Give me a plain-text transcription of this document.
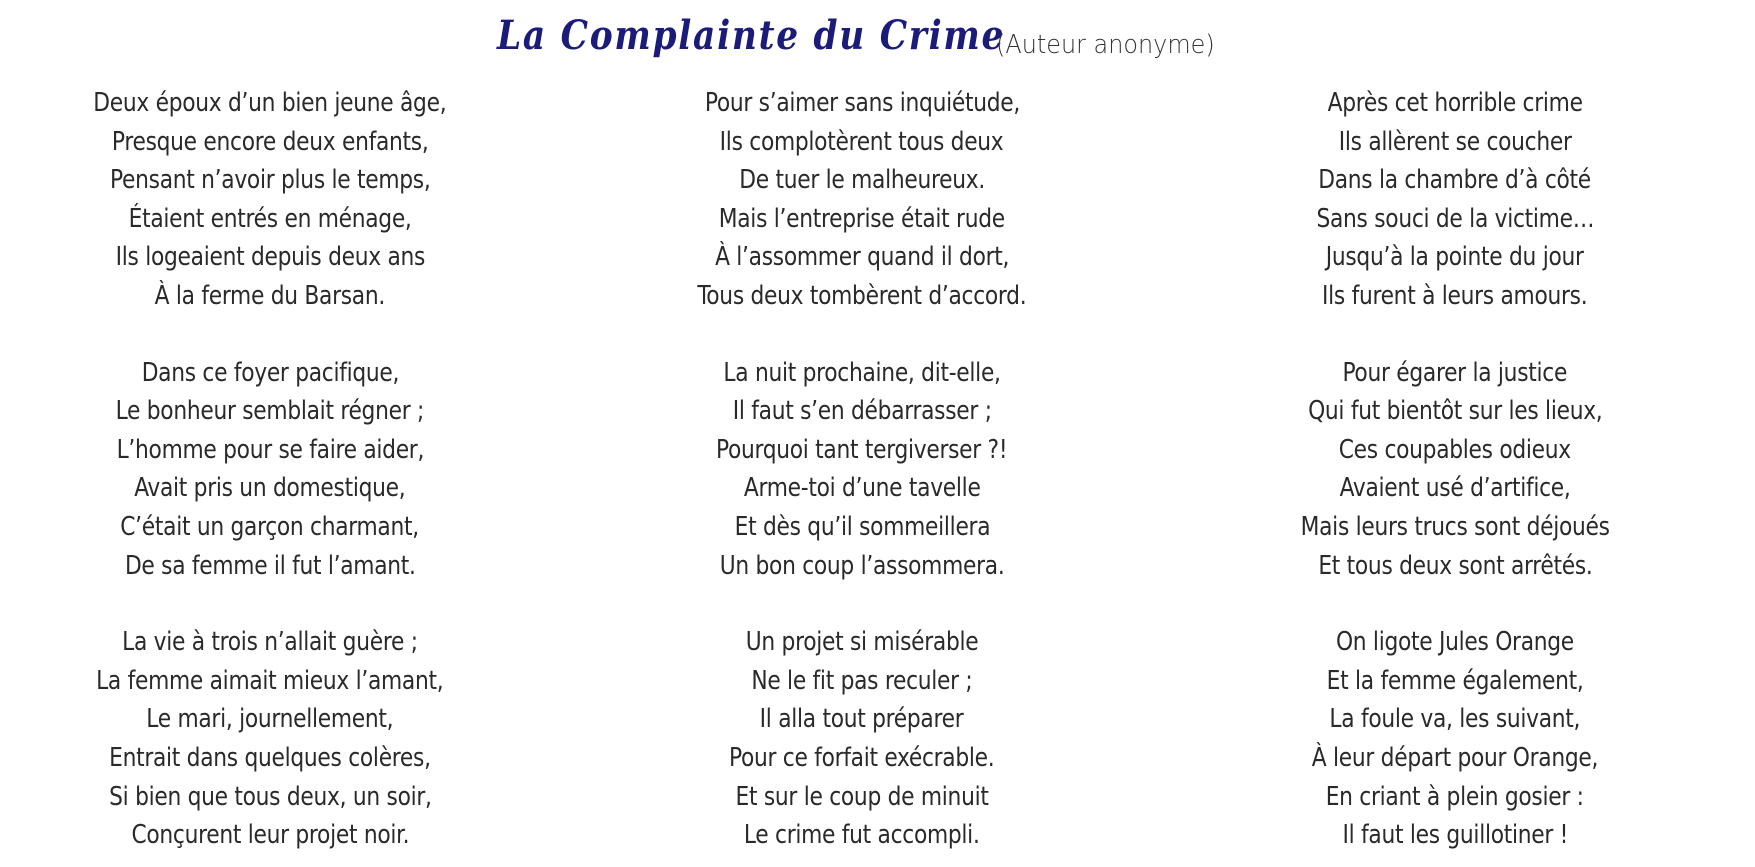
La Complainte du Crime
(Auteur anonyme)
Deux époux d’un bien jeune âge,
Presque encore deux enfants,
Pensant n’avoir plus le temps,
Étaient entrés en ménage,
Ils logeaient depuis deux ans
À la ferme du Barsan.
Dans ce foyer pacifique,
Le bonheur semblait régner ;
L’homme pour se faire aider,
Avait pris un domestique,
C’était un garçon charmant,
De sa femme il fut l’amant.
La vie à trois n’allait guère ;
La femme aimait mieux l’amant,
Le mari, journellement,
Entrait dans quelques colères,
Si bien que tous deux, un soir,
Conçurent leur projet noir.
Pour s’aimer sans inquiétude,
Ils complotèrent tous deux
De tuer le malheureux.
Mais l’entreprise était rude
À l’assommer quand il dort,
Tous deux tombèrent d’accord.
La nuit prochaine, dit-elle,
Il faut s’en débarrasser ;
Pourquoi tant tergiverser ?!
Arme-toi d’une tavelle
Et dès qu’il sommeillera
Un bon coup l’assommera.
Un projet si misérable
Ne le fit pas reculer ;
Il alla tout préparer
Pour ce forfait exécrable.
Et sur le coup de minuit
Le crime fut accompli.
Après cet horrible crime
Ils allèrent se coucher
Dans la chambre d’à côté
Sans souci de la victime…
Jusqu’à la pointe du jour
Ils furent à leurs amours.
Pour égarer la justice
Qui fut bientôt sur les lieux,
Ces coupables odieux
Avaient usé d’artifice,
Mais leurs trucs sont déjoués
Et tous deux sont arrêtés.
On ligote Jules Orange
Et la femme également,
La foule va, les suivant,
À leur départ pour Orange,
En criant à plein gosier :
Il faut les guillotiner !
